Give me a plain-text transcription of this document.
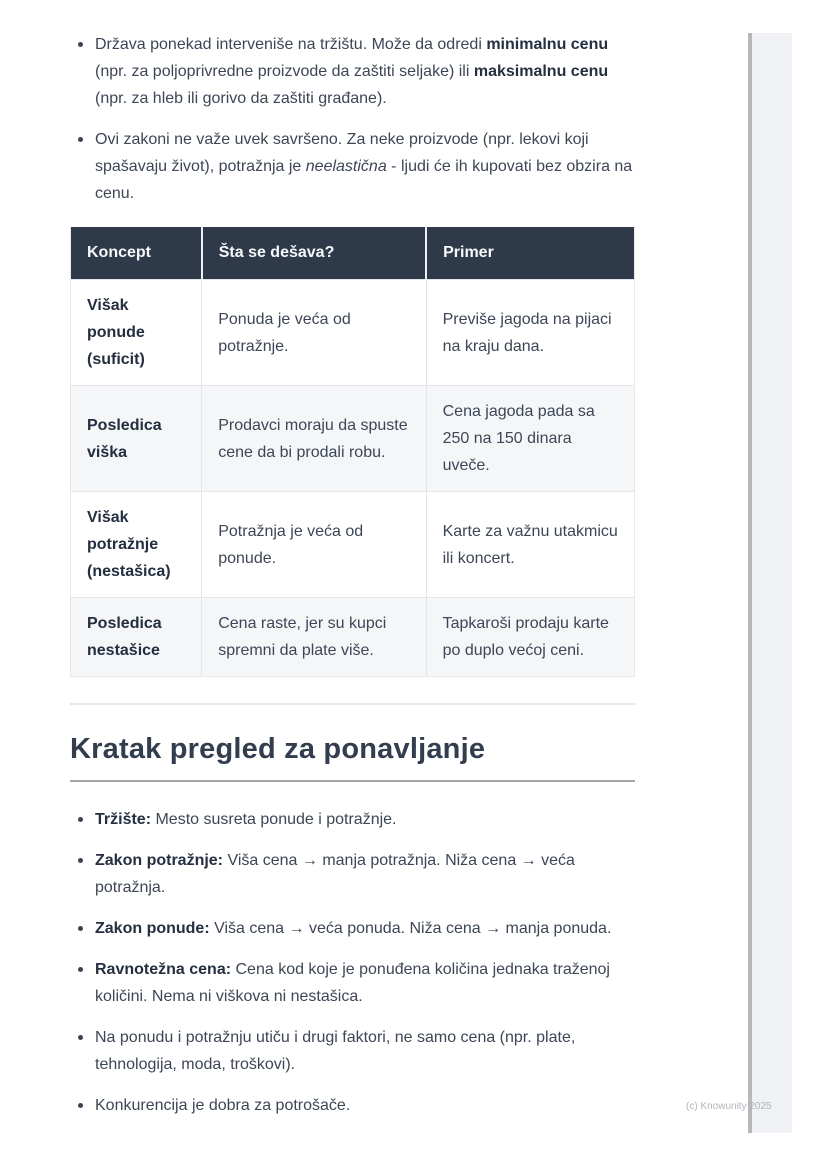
Država ponekad interveniše na tržištu. Može da odredi minimalnu cenu (npr. za poljoprivredne proizvode da zaštiti seljake) ili maksimalnu cenu (npr. za hleb ili gorivo da zaštiti građane).
Ovi zakoni ne važe uvek savršeno. Za neke proizvode (npr. lekovi koji spašavaju život), potražnja je neelastična - ljudi će ih kupovati bez obzira na cenu.
Koncept	Šta se dešava?	Primer
Višak ponude (suficit)	Ponuda je veća od potražnje.	Previše jagoda na pijaci na kraju dana.
Posledica viška	Prodavci moraju da spuste cene da bi prodali robu.	Cena jagoda pada sa 250 na 150 dinara uveče.
Višak potražnje (nestašica)	Potražnja je veća od ponude.	Karte za važnu utakmicu ili koncert.
Posledica nestašice	Cena raste, jer su kupci spremni da plate više.	Tapkaroši prodaju karte po duplo većoj ceni.
Kratak pregled za ponavljanje
Tržište: Mesto susreta ponude i potražnje.
Zakon potražnje: Viša cena → manja potražnja. Niža cena → veća potražnja.
Zakon ponude: Viša cena → veća ponuda. Niža cena → manja ponuda.
Ravnotežna cena: Cena kod koje je ponuđena količina jednaka traženoj količini. Nema ni viškova ni nestašica.
Na ponudu i potražnju utiču i drugi faktori, ne samo cena (npr. plate, tehnologija, moda, troškovi).
Konkurencija je dobra za potrošače.	(c) Knowunity 2025
